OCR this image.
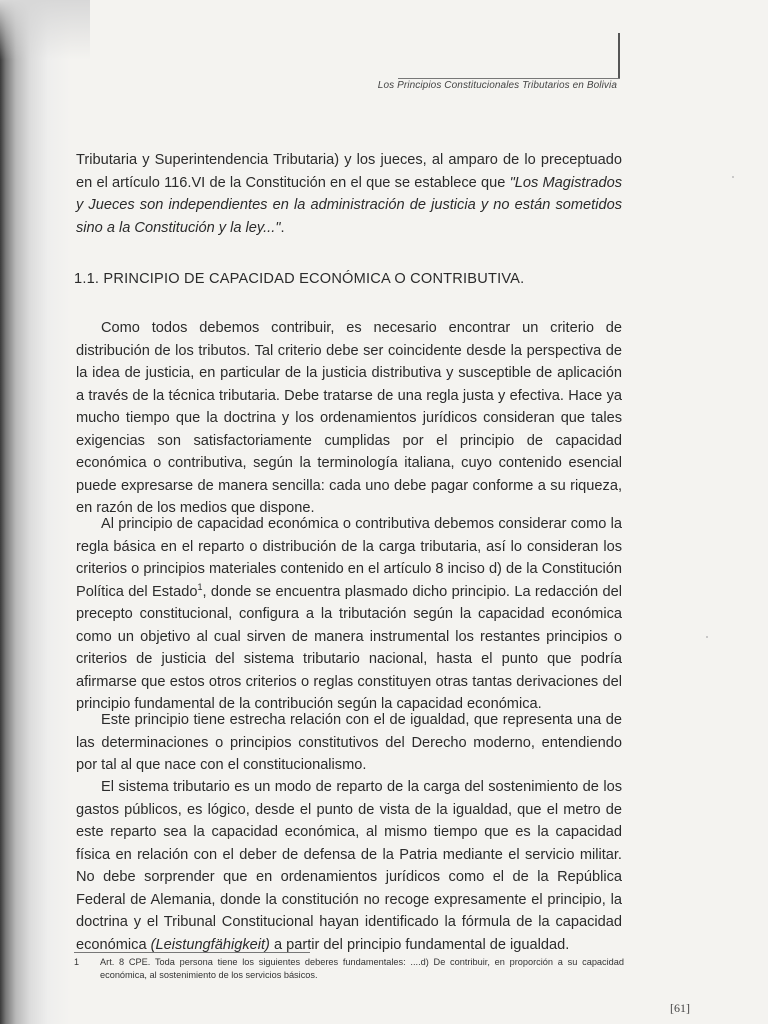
Los Principios Constitucionales Tributarios en Bolivia

Tributaria y Superintendencia Tributaria) y los jueces, al amparo de lo preceptuado en el artículo 116.VI de la Constitución en el que se establece que "Los Magistrados y Jueces son independientes en la administración de justicia y no están sometidos sino a la Constitución y la ley...".

1.1. PRINCIPIO DE CAPACIDAD ECONÓMICA O CONTRIBUTIVA.

Como todos debemos contribuir, es necesario encontrar un criterio de distribución de los tributos. Tal criterio debe ser coincidente desde la perspectiva de la idea de justicia, en particular de la justicia distributiva y susceptible de aplicación a través de la técnica tributaria. Debe tratarse de una regla justa y efectiva. Hace ya mucho tiempo que la doctrina y los ordenamientos jurídicos consideran que tales exigencias son satisfactoriamente cumplidas por el principio de capacidad económica o contributiva, según la terminología italiana, cuyo contenido esencial puede expresarse de manera sencilla: cada uno debe pagar conforme a su riqueza, en razón de los medios que dispone.

Al principio de capacidad económica o contributiva debemos considerar como la regla básica en el reparto o distribución de la carga tributaria, así lo consideran los criterios o principios materiales contenido en el artículo 8 inciso d) de la Constitución Política del Estado$^1$, donde se encuentra plasmado dicho principio. La redacción del precepto constitucional, configura a la tributación según la capacidad económica como un objetivo al cual sirven de manera instrumental los restantes principios o criterios de justicia del sistema tributario nacional, hasta el punto que podría afirmarse que estos otros criterios o reglas constituyen otras tantas derivaciones del principio fundamental de la contribución según la capacidad económica.

Este principio tiene estrecha relación con el de igualdad, que representa una de las determinaciones o principios constitutivos del Derecho moderno, entendiendo por tal al que nace con el constitucionalismo.

El sistema tributario es un modo de reparto de la carga del sostenimiento de los gastos públicos, es lógico, desde el punto de vista de la igualdad, que el metro de este reparto sea la capacidad económica, al mismo tiempo que es la capacidad física en relación con el deber de defensa de la Patria mediante el servicio militar. No debe sorprender que en ordenamientos jurídicos como el de la República Federal de Alemania, donde la constitución no recoge expresamente el principio, la doctrina y el Tribunal Constitucional hayan identificado la fórmula de la capacidad económica (Leistungfähigkeit) a partir del principio fundamental de igualdad.

1	Art. 8 CPE. Toda persona tiene los siguientes deberes fundamentales: ....d) De contribuir, en proporción a su capacidad económica, al sostenimiento de los servicios básicos.
[61]
